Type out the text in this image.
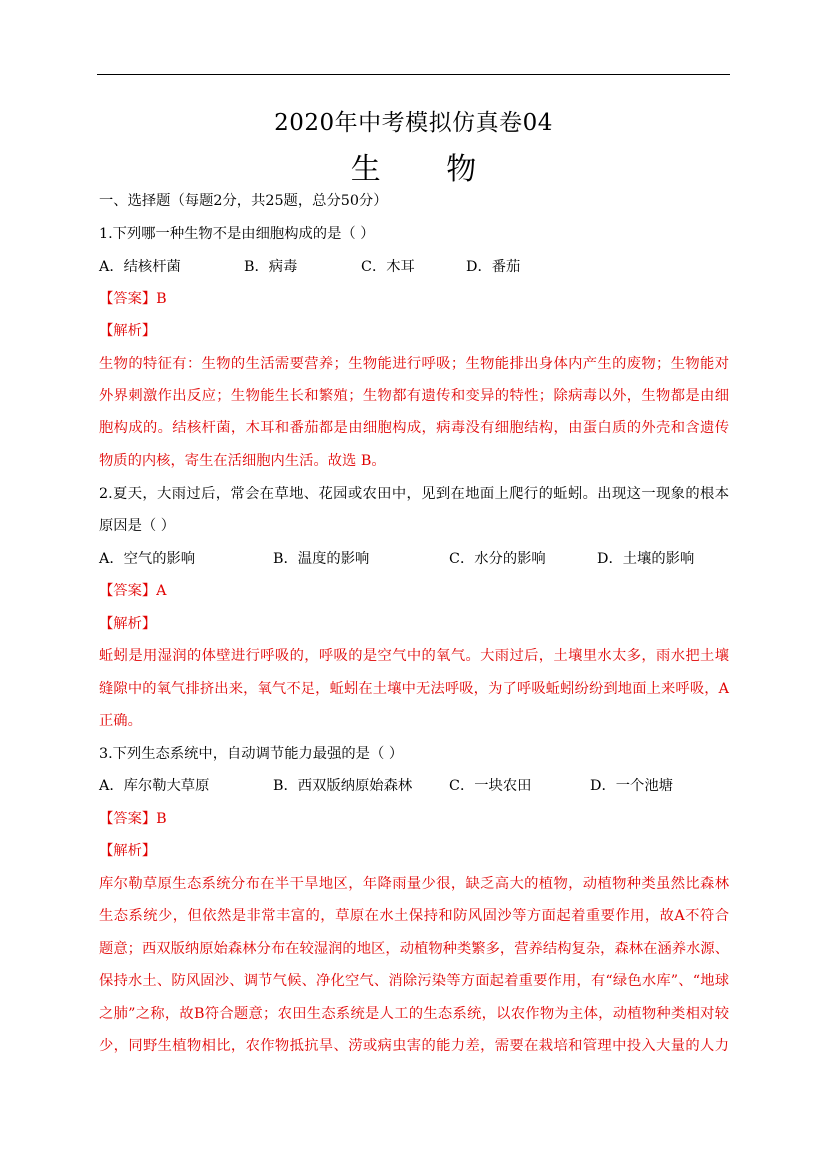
2020年中考模拟仿真卷04
生 物
一、选择题（每题2分，共25题，总分50分）
1.下列哪一种生物不是由细胞构成的是（ ）
A．结核杆菌	B．病毒	C．木耳	D．番茄
【答案】B
【解析】
生物的特征有：生物的生活需要营养；生物能进行呼吸；生物能排出身体内产生的废物；生物能对
外界刺激作出反应；生物能生长和繁殖；生物都有遗传和变异的特性；除病毒以外，生物都是由细
胞构成的。结核杆菌，木耳和番茄都是由细胞构成，病毒没有细胞结构，由蛋白质的外壳和含遗传
物质的内核，寄生在活细胞内生活。故选 B。
2.夏天，大雨过后，常会在草地、花园或农田中，见到在地面上爬行的蚯蚓。出现这一现象的根本
原因是（ ）
A．空气的影响	B．温度的影响	C．水分的影响	D．土壤的影响
【答案】A
【解析】
蚯蚓是用湿润的体壁进行呼吸的，呼吸的是空气中的氧气。大雨过后，土壤里水太多，雨水把土壤
缝隙中的氧气排挤出来，氧气不足，蚯蚓在土壤中无法呼吸，为了呼吸蚯蚓纷纷到地面上来呼吸，A
正确。
3.下列生态系统中，自动调节能力最强的是（ ）
A．库尔勒大草原	B．西双版纳原始森林	C．一块农田	D．一个池塘
【答案】B
【解析】
库尔勒草原生态系统分布在半干旱地区，年降雨量少很，缺乏高大的植物，动植物种类虽然比森林
生态系统少，但依然是非常丰富的，草原在水土保持和防风固沙等方面起着重要作用，故A不符合
题意；西双版纳原始森林分布在较湿润的地区，动植物种类繁多，营养结构复杂，森林在涵养水源、
保持水土、防风固沙、调节气候、净化空气、消除污染等方面起着重要作用，有“绿色水库”、“地球
之肺”之称，故B符合题意；农田生态系统是人工的生态系统，以农作物为主体，动植物种类相对较
少，同野生植物相比，农作物抵抗旱、涝或病虫害的能力差，需要在栽培和管理中投入大量的人力
